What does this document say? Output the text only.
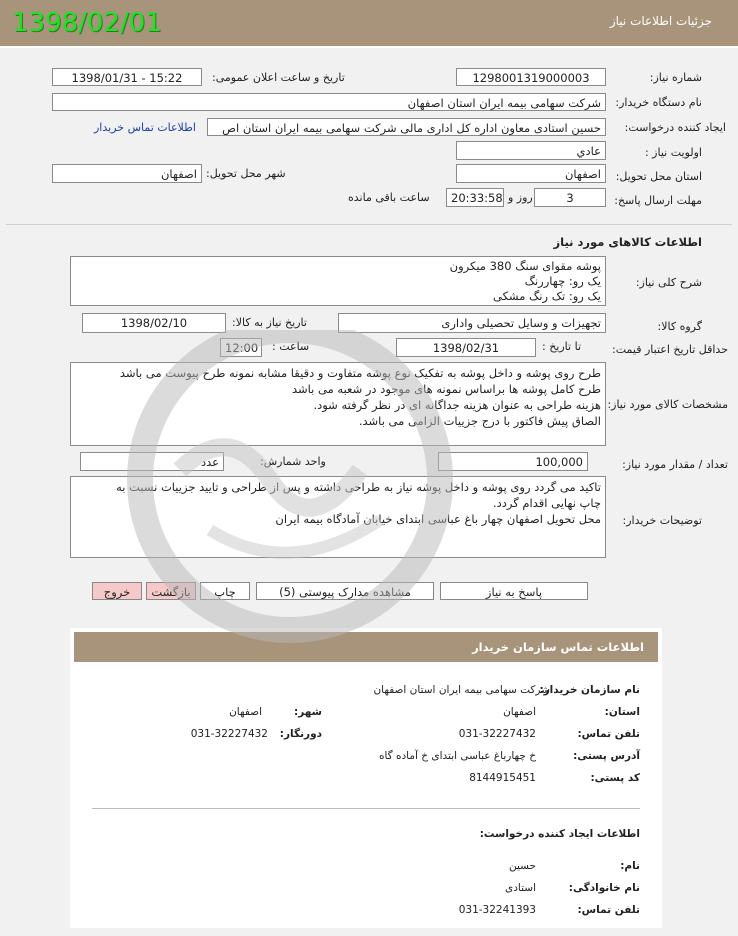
جزئیات اطلاعات نیاز
1398/02/01
شماره نیاز:
1298001319000003
تاریخ و ساعت اعلان عمومی:
1398/01/31 - 15:22
نام دستگاه خریدار:
شرکت سهامی بیمه ایران استان اصفهان
ایجاد کننده درخواست:
حسین استادی معاون اداره کل اداری مالی شرکت سهامی بیمه ایران استان اص
اطلاعات تماس خریدار
اولویت نیاز :
عادي
استان محل تحویل:
اصفهان
شهر محل تحویل:
اصفهان
مهلت ارسال پاسخ:
3
روز و
20:33:58
ساعت باقی مانده
اطلاعات کالاهای مورد نیاز
شرح کلی نیاز:
پوشه مقوای سنگ 380 میکرون
یک رو: چهاررنگ
یک رو: تک رنگ مشکی
گروه کالا:
تجهیزات و وسایل تحصیلی واداری
تاریخ نیاز به کالا:
1398/02/10
حداقل تاریخ اعتبار قیمت:
تا تاریخ :
1398/02/31
ساعت :
12:00
مشخصات کالای مورد نیاز:
طرح روی پوشه و داخل پوشه به تفکیک نوع پوشه متفاوت و دقیقا مشابه نمونه طرح پیوست می باشد
طرح کامل پوشه ها براساس نمونه های موجود در شعبه می باشد
هزینه طراحی به عنوان هزینه جداگانه ای در نظر گرفته شود.
الصاق پیش فاکتور با درج جزییات الزامی می باشد.
تعداد / مقدار مورد نیاز:
100,000
واحد شمارش:
عدد
توضیحات خریدار:
تاکید می گردد روی پوشه و داخل پوشه نیاز به طراحی داشته و پس از طراحی و تایید جزییات نسبت به
چاپ نهایی اقدام گردد.
محل تحویل اصفهان چهار باغ عباسی ابتدای خیابان آمادگاه بیمه ایران
پاسخ به نیاز
مشاهده مدارک پیوستی (5)
چاپ
بازگشت
خروج
اطلاعات تماس سازمان خریدار
نام سازمان خریدار:
شرکت سهامی بیمه ایران استان اصفهان
استان:
اصفهان
شهر:
اصفهان
تلفن تماس:
031-32227432
دورنگار:
031-32227432
آدرس پستی:
خ چهارباغ عباسی ابتدای خ آماده گاه
کد پستی:
8144915451
اطلاعات ایجاد کننده درخواست:
نام:
حسین
نام خانوادگی:
استادی
تلفن تماس:
031-32241393
